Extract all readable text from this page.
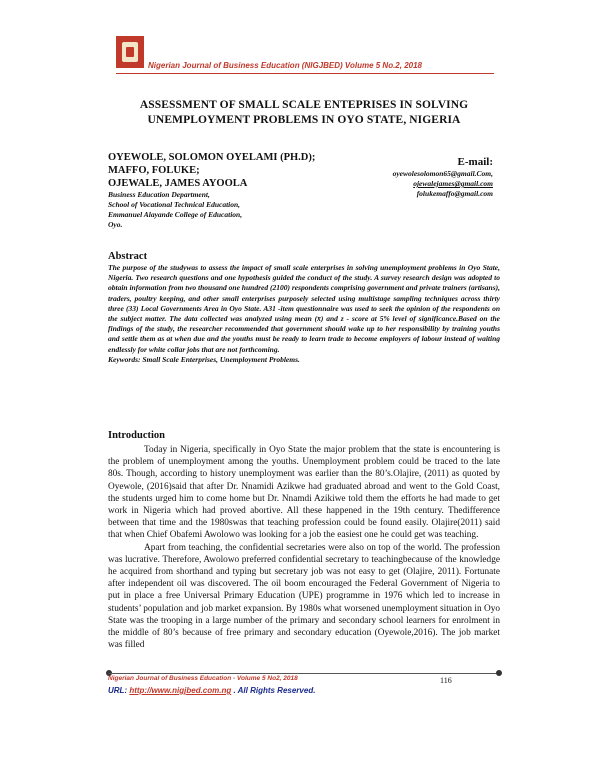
Nigerian Journal of Business Education (NIGJBED) Volume 5 No.2, 2018
ASSESSMENT OF SMALL SCALE ENTEPRISES IN SOLVING
UNEMPLOYMENT PROBLEMS IN OYO STATE, NIGERIA
OYEWOLE, SOLOMON OYELAMI (PH.D);
MAFFO, FOLUKE;
OJEWALE, JAMES AYOOLA
Business Education Department,
School of Vocational Technical Education,
Emmanuel Alayande College of Education,
Oyo.
E-mail:
oyewolesolomon65@gmail.Com,
ojewalejames@gmail.com
folukemaffo@gmail.com
Abstract

The purpose of the studywas to assess the impact of small scale enterprises in solving unemployment problems in Oyo State, Nigeria. Two research questions and one hypothesis guided the conduct of the study. A survey research design was adopted to obtain information from two thousand one hundred (2100) respondents comprising government and private trainers (artisans), traders, poultry keeping, and other small enterprises purposely selected using multistage sampling techniques across thirty three (33) Local Governments Area in Oyo State. A31 -item questionnaire was used to seek the opinion of the respondents on the subject matter. The data collected was analyzed using mean (x̄) and z - score at 5% level of significance.Based on the findings of the study, the researcher recommended that government should wake up to her responsibility by training youths and settle them as at when due and the youths must be ready to learn trade to become employers of labour instead of waiting endlessly for white collar jobs that are not forthcoming.

Keywords: Small Scale Enterprises, Unemployment Problems.
Introduction

Today in Nigeria, specifically in Oyo State the major problem that the state is encountering is the problem of unemployment among the youths. Unemployment problem could be traced to the late 80s. Though, according to history unemployment was earlier than the 80’s.Olajire, (2011) as quoted by Oyewole, (2016)said that after Dr. Nnamidi Azikwe had graduated abroad and went to the Gold Coast, the students urged him to come home but Dr. Nnamdi Azikiwe told them the efforts he had made to get work in Nigeria which had proved abortive. All these happened in the 19th century. Thedifference between that time and the 1980swas that teaching profession could be found easily. Olajire(2011) said that when Chief Obafemi Awolowo was looking for a job the easiest one he could get was teaching.

Apart from teaching, the confidential secretaries were also on top of the world. The profession was lucrative. Therefore, Awolowo preferred confidential secretary to teachingbecause of the knowledge he acquired from shorthand and typing but secretary job was not easy to get (Olajire, 2011). Fortunate after independent oil was discovered. The oil boom encouraged the Federal Government of Nigeria to put in place a free Universal Primary Education (UPE) programme in 1976 which led to increase in students’ population and job market expansion. By 1980s what worsened unemployment situation in Oyo State was the trooping in a large number of the primary and secondary school learners for enrolment in the middle of 80’s because of free primary and secondary education (Oyewole,2016). The job market was filled

Nigerian Journal of Business Education - Volume 5 No2, 2018	116
URL: http://www.nigjbed.com.ng . All Rights Reserved.
